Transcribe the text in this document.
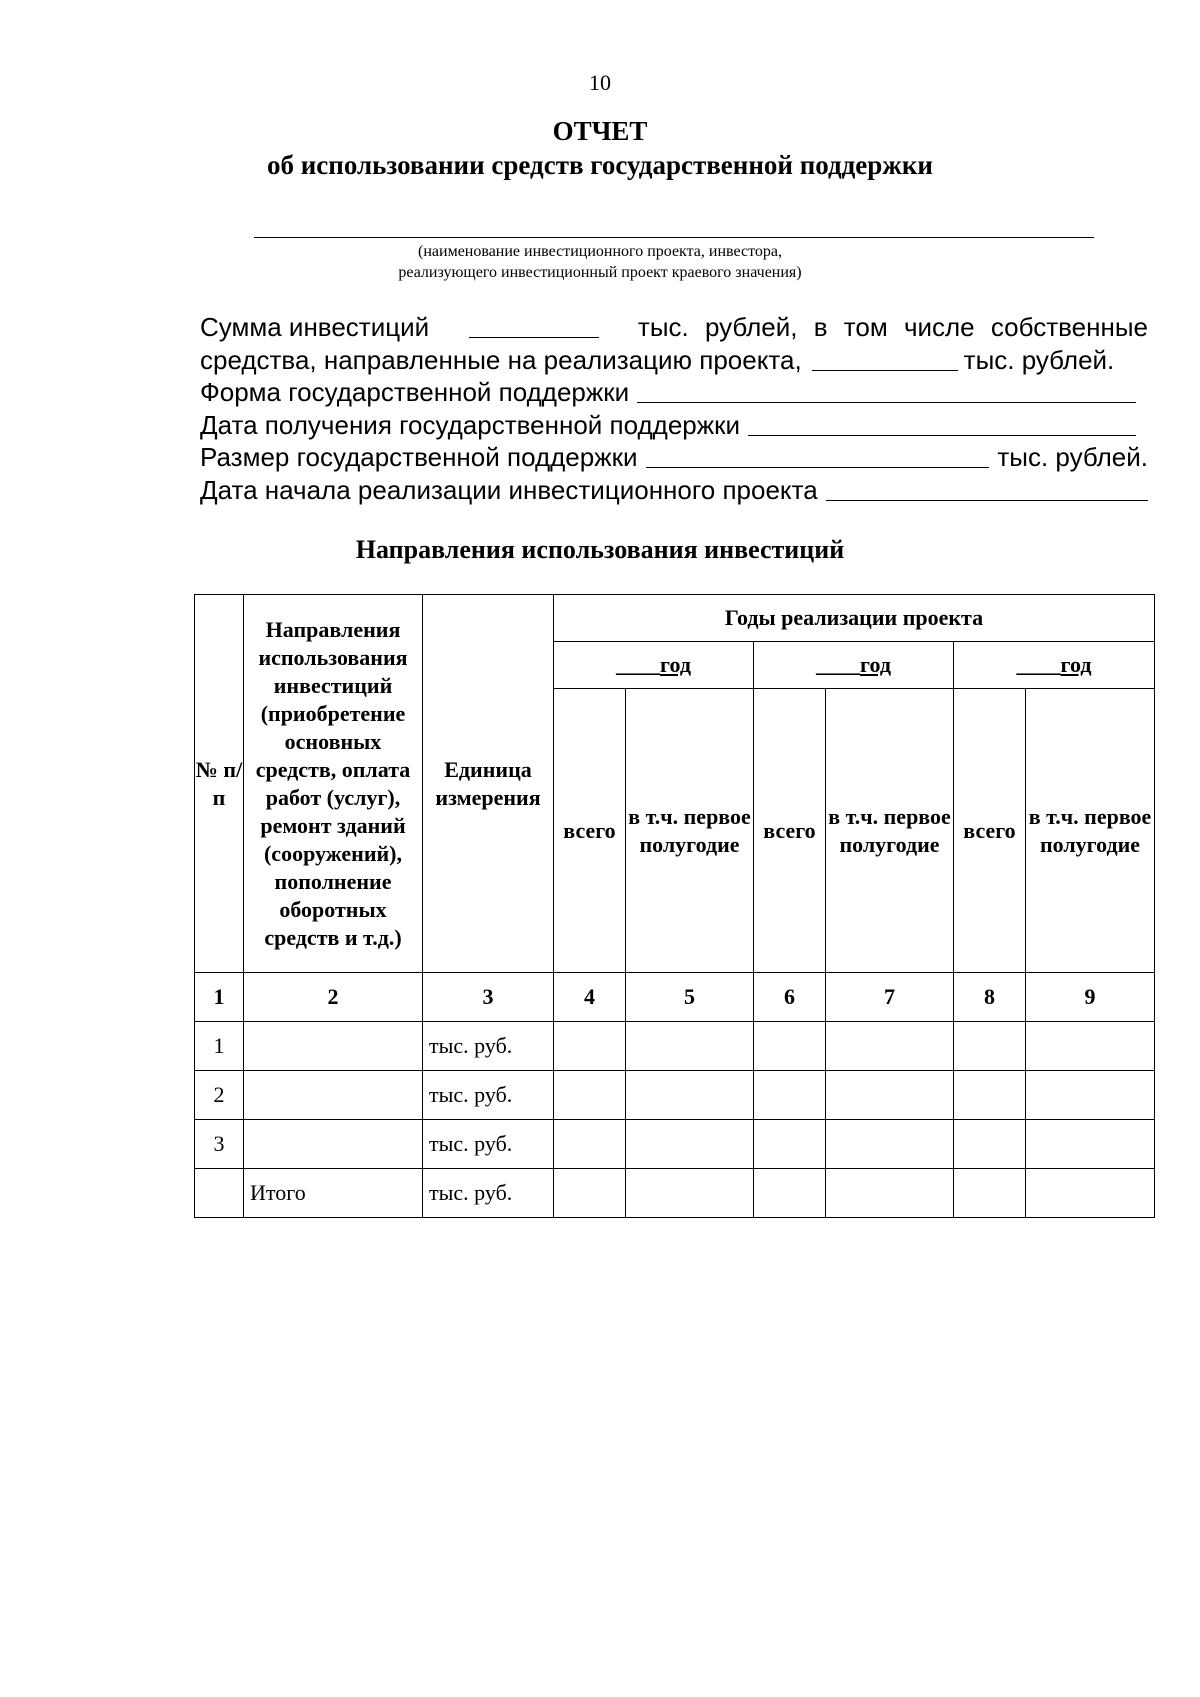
10
ОТЧЕТ
об использовании средств государственной поддержки
(наименование инвестиционного проекта, инвестора,
реализующего инвестиционный проект краевого значения)
Сумма инвестиций	тыс. рублей, в том числе собственные
средства, направленные на реализацию проекта,	тыс. рублей.
Форма государственной поддержки
Дата получения государственной поддержки
Размер государственной поддержки	тыс. рублей.
Дата начала реализации инвестиционного проекта
Направления использования инвестиций
№ п/п	Направления использования инвестиций (приобретение основных средств, оплата работ (услуг), ремонт зданий (сооружений), пополнение оборотных средств и т.д.)	Единица измерения	Годы реализации проекта					
			____год		____год		____год	
			всего	в т.ч. первое полугодие	всего	в т.ч. первое полугодие	всего	в т.ч. первое полугодие
1	2	3	4	5	6	7	8	9
1		тыс. руб.						
2		тыс. руб.						
3		тыс. руб.						
	Итого	тыс. руб.						
